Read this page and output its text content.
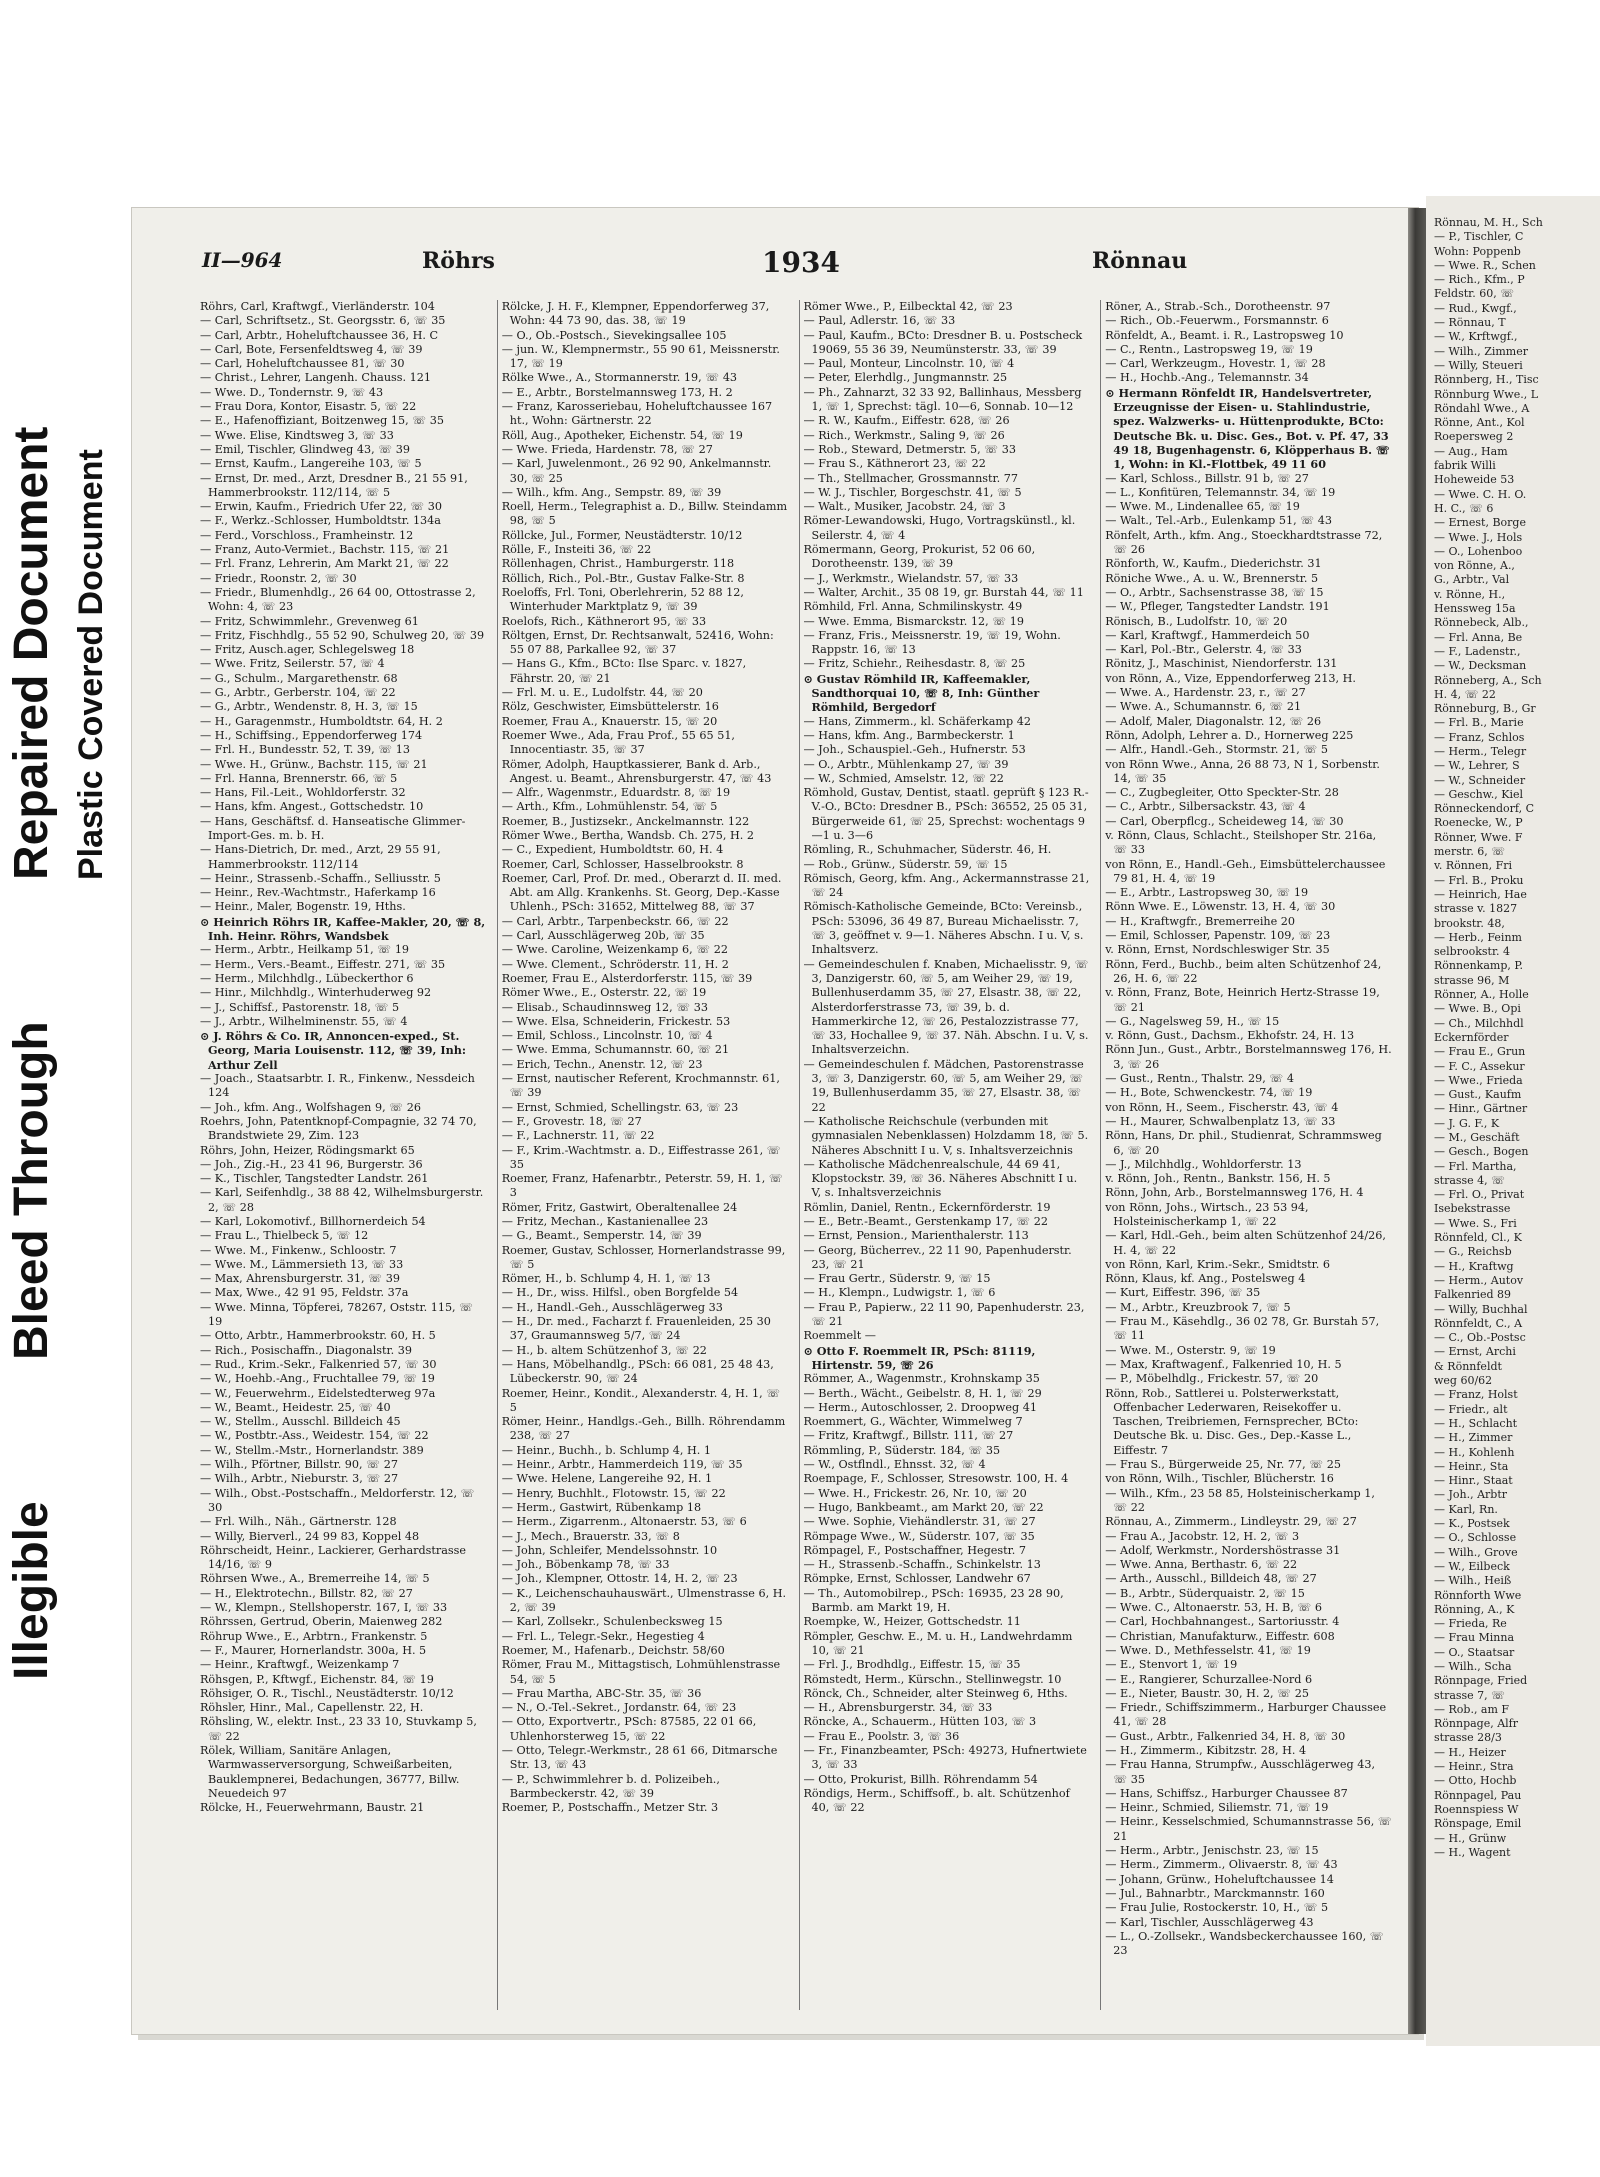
Repaired Document Plastic Covered Document
Bleed Through
Illegible
II—964	Röhrs	1934	Rönnau
Röhrs, Carl, Kraftwgf., Vierländerstr. 104
— Carl, Schriftsetz., St. Georgsstr. 6, ☏ 35
— Carl, Arbtr., Hoheluftchaussee 36, H. C
— Carl, Bote, Fersenfeldtsweg 4, ☏ 39
— Carl, Hoheluftchaussee 81, ☏ 30
— Christ., Lehrer, Langenh. Chauss. 121
— Wwe. D., Tondernstr. 9, ☏ 43
— Frau Dora, Kontor, Eisastr. 5, ☏ 22
— E., Hafenoffiziant, Boitzenweg 15, ☏ 35
— Wwe. Elise, Kindtsweg 3, ☏ 33
— Emil, Tischler, Glindweg 43, ☏ 39
— Ernst, Kaufm., Langereihe 103, ☏ 5
— Ernst, Dr. med., Arzt, Dresdner B., 21 55 91, Hammerbrookstr. 112/114, ☏ 5
— Erwin, Kaufm., Friedrich Ufer 22, ☏ 30
— F., Werkz.-Schlosser, Humboldtstr. 134a
— Ferd., Vorschloss., Framheinstr. 12
— Franz, Auto-Vermiet., Bachstr. 115, ☏ 21
— Frl. Franz, Lehrerin, Am Markt 21, ☏ 22
— Friedr., Roonstr. 2, ☏ 30
— Friedr., Blumenhdlg., 26 64 00, Ottostrasse 2, Wohn: 4, ☏ 23
— Fritz, Schwimmlehr., Grevenweg 61
— Fritz, Fischhdlg., 55 52 90, Schulweg 20, ☏ 39
— Fritz, Ausch.ager, Schlegelsweg 18
— Wwe. Fritz, Seilerstr. 57, ☏ 4
— G., Schulm., Margarethenstr. 68
— G., Arbtr., Gerberstr. 104, ☏ 22
— G., Arbtr., Wendenstr. 8, H. 3, ☏ 15
— H., Garagenmstr., Humboldtstr. 64, H. 2
— H., Schiffsing., Eppendorferweg 174
— Frl. H., Bundesstr. 52, T. 39, ☏ 13
— Wwe. H., Grünw., Bachstr. 115, ☏ 21
— Frl. Hanna, Brennerstr. 66, ☏ 5
— Hans, Fil.-Leit., Wohldorferstr. 32
— Hans, kfm. Angest., Gottschedstr. 10
— Hans, Geschäftsf. d. Hanseatische Glimmer-Import-Ges. m. b. H.
— Hans-Dietrich, Dr. med., Arzt, 29 55 91, Hammerbrookstr. 112/114
— Heinr., Strassenb.-Schaffn., Selliusstr. 5
— Heinr., Rev.-Wachtmstr., Haferkamp 16
— Heinr., Maler, Bogenstr. 19, Hths.
⊙ Heinrich Röhrs IR, Kaffee-Makler, 20, ☏ 8, Inh. Heinr. Röhrs, Wandsbek
— Herm., Arbtr., Heilkamp 51, ☏ 19
— Herm., Vers.-Beamt., Eiffestr. 271, ☏ 35
— Herm., Milchhdlg., Lübeckerthor 6
— Hinr., Milchhdlg., Winterhuderweg 92
— J., Schiffsf., Pastorenstr. 18, ☏ 5
— J., Arbtr., Wilhelminenstr. 55, ☏ 4
⊙ J. Röhrs & Co. IR, Annoncen-exped., St. Georg, Maria Louisenstr. 112, ☏ 39, Inh: Arthur Zell
— Joach., Staatsarbtr. I. R., Finkenw., Nessdeich 124
— Joh., kfm. Ang., Wolfshagen 9, ☏ 26
Roehrs, John, Patentknopf-Compagnie, 32 74 70, Brandstwiete 29, Zim. 123
Röhrs, John, Heizer, Rödingsmarkt 65
— Joh., Zig.-H., 23 41 96, Burgerstr. 36
— K., Tischler, Tangstedter Landstr. 261
— Karl, Seifenhdlg., 38 88 42, Wilhelmsburgerstr. 2, ☏ 28
— Karl, Lokomotivf., Billhornerdeich 54
— Frau L., Thielbeck 5, ☏ 12
— Wwe. M., Finkenw., Schloostr. 7
— Wwe. M., Lämmersieth 13, ☏ 33
— Max, Ahrensburgerstr. 31, ☏ 39
— Max, Wwe., 42 91 95, Feldstr. 37a
— Wwe. Minna, Töpferei, 78267, Oststr. 115, ☏ 19
— Otto, Arbtr., Hammerbrookstr. 60, H. 5
— Rich., Posischaffn., Diagonalstr. 39
— Rud., Krim.-Sekr., Falkenried 57, ☏ 30
— W., Hoehb.-Ang., Fruchtallee 79, ☏ 19
— W., Feuerwehrm., Eidelstedterweg 97a
— W., Beamt., Heidestr. 25, ☏ 40
— W., Stellm., Ausschl. Billdeich 45
— W., Postbtr.-Ass., Weidestr. 154, ☏ 22
— W., Stellm.-Mstr., Hornerlandstr. 389
— Wilh., Pförtner, Billstr. 90, ☏ 27
— Wilh., Arbtr., Nieburstr. 3, ☏ 27
— Wilh., Obst.-Postschaffn., Meldorferstr. 12, ☏ 30
— Frl. Wilh., Näh., Gärtnerstr. 128
— Willy, Bierverl., 24 99 83, Koppel 48
Röhrscheidt, Heinr., Lackierer, Gerhardstrasse 14/16, ☏ 9
Röhrsen Wwe., A., Bremerreihe 14, ☏ 5
— H., Elektrotechn., Billstr. 82, ☏ 27
— W., Klempn., Stellshoperstr. 167, I, ☏ 33
Röhrssen, Gertrud, Oberin, Maienweg 282
Röhrup Wwe., E., Arbtrn., Frankenstr. 5
— F., Maurer, Hornerlandstr. 300a, H. 5
— Heinr., Kraftwgf., Weizenkamp 7
Röhsgen, P., Kftwgf., Eichenstr. 84, ☏ 19
Röhsiger, O. R., Tischl., Neustädterstr. 10/12
Röhsler, Hinr., Mal., Capellenstr. 22, H.
Röhsling, W., elektr. Inst., 23 33 10, Stuvkamp 5, ☏ 22
Rölek, William, Sanitäre Anlagen, Warmwasserversorgung, Schweißarbeiten, Bauklempnerei, Bedachungen, 36777, Billw. Neuedeich 97
Rölcke, H., Feuerwehrmann, Baustr. 21
Rölcke, J. H. F., Klempner, Eppendorferweg 37, Wohn: 44 73 90, das. 38, ☏ 19
— O., Ob.-Postsch., Sievekingsallee 105
— jun. W., Klempnermstr., 55 90 61, Meissnerstr. 17, ☏ 19
Rölke Wwe., A., Stormannerstr. 19, ☏ 43
— E., Arbtr., Borstelmannsweg 173, H. 2
— Franz, Karosseriebau, Hoheluftchaussee 167 ht., Wohn: Gärtnerstr. 22
Röll, Aug., Apotheker, Eichenstr. 54, ☏ 19
— Wwe. Frieda, Hardenstr. 78, ☏ 27
— Karl, Juwelenmont., 26 92 90, Ankelmannstr. 30, ☏ 25
— Wilh., kfm. Ang., Sempstr. 89, ☏ 39
Roell, Herm., Telegraphist a. D., Billw. Steindamm 98, ☏ 5
Röllcke, Jul., Former, Neustädterstr. 10/12
Rölle, F., Insteiti 36, ☏ 22
Röllenhagen, Christ., Hamburgerstr. 118
Röllich, Rich., Pol.-Btr., Gustav Falke-Str. 8
Roeloffs, Frl. Toni, Oberlehrerin, 52 88 12, Winterhuder Marktplatz 9, ☏ 39
Roelofs, Rich., Käthnerort 95, ☏ 33
Röltgen, Ernst, Dr. Rechtsanwalt, 52416, Wohn: 55 07 88, Parkallee 92, ☏ 37
— Hans G., Kfm., BCto: Ilse Sparc. v. 1827, Fährstr. 20, ☏ 21
— Frl. M. u. E., Ludolfstr. 44, ☏ 20
Rölz, Geschwister, Eimsbüttelerstr. 16
Roemer, Frau A., Knauerstr. 15, ☏ 20
Roemer Wwe., Ada, Frau Prof., 55 65 51, Innocentiastr. 35, ☏ 37
Römer, Adolph, Hauptkassierer, Bank d. Arb., Angest. u. Beamt., Ahrensburgerstr. 47, ☏ 43
— Alfr., Wagenmstr., Eduardstr. 8, ☏ 19
— Arth., Kfm., Lohmühlenstr. 54, ☏ 5
Roemer, B., Justizsekr., Anckelmannstr. 122
Römer Wwe., Bertha, Wandsb. Ch. 275, H. 2
— C., Expedient, Humboldtstr. 60, H. 4
Roemer, Carl, Schlosser, Hasselbrookstr. 8
Roemer, Carl, Prof. Dr. med., Oberarzt d. II. med. Abt. am Allg. Krankenhs. St. Georg, Dep.-Kasse Uhlenh., PSch: 31652, Mittelweg 88, ☏ 37
— Carl, Arbtr., Tarpenbeckstr. 66, ☏ 22
— Carl, Ausschlägerweg 20b, ☏ 35
— Wwe. Caroline, Weizenkamp 6, ☏ 22
— Wwe. Clement., Schröderstr. 11, H. 2
Roemer, Frau E., Alsterdorferstr. 115, ☏ 39
Römer Wwe., E., Osterstr. 22, ☏ 19
— Elisab., Schaudinnsweg 12, ☏ 33
— Wwe. Elsa, Schneiderin, Frickestr. 53
— Emil, Schloss., Lincolnstr. 10, ☏ 4
— Wwe. Emma, Schumannstr. 60, ☏ 21
— Erich, Techn., Anenstr. 12, ☏ 23
— Ernst, nautischer Referent, Krochmannstr. 61, ☏ 39
— Ernst, Schmied, Schellingstr. 63, ☏ 23
— F., Grovestr. 18, ☏ 27
— F., Lachnerstr. 11, ☏ 22
— F., Krim.-Wachtmstr. a. D., Eiffestrasse 261, ☏ 35
Roemer, Franz, Hafenarbtr., Peterstr. 59, H. 1, ☏ 3
Römer, Fritz, Gastwirt, Oberaltenallee 24
— Fritz, Mechan., Kastanienallee 23
— G., Beamt., Semperstr. 14, ☏ 39
Roemer, Gustav, Schlosser, Hornerlandstrasse 99, ☏ 5
Römer, H., b. Schlump 4, H. 1, ☏ 13
— H., Dr., wiss. Hilfsl., oben Borgfelde 54
— H., Handl.-Geh., Ausschlägerweg 33
— H., Dr. med., Facharzt f. Frauenleiden, 25 30 37, Graumannsweg 5/7, ☏ 24
— H., b. altem Schützenhof 3, ☏ 22
— Hans, Möbelhandlg., PSch: 66 081, 25 48 43, Lübeckerstr. 90, ☏ 24
Roemer, Heinr., Kondit., Alexanderstr. 4, H. 1, ☏ 5
Römer, Heinr., Handlgs.-Geh., Billh. Röhrendamm 238, ☏ 27
— Heinr., Buchh., b. Schlump 4, H. 1
— Heinr., Arbtr., Hammerdeich 119, ☏ 35
— Wwe. Helene, Langereihe 92, H. 1
— Henry, Buchhlt., Flotowstr. 15, ☏ 22
— Herm., Gastwirt, Rübenkamp 18
— Herm., Zigarrenm., Altonaerstr. 53, ☏ 6
— J., Mech., Brauerstr. 33, ☏ 8
— John, Schleifer, Mendelssohnstr. 10
— Joh., Böbenkamp 78, ☏ 33
— Joh., Klempner, Ottostr. 14, H. 2, ☏ 23
— K., Leichenschauhauswärt., Ulmenstrasse 6, H. 2, ☏ 39
— Karl, Zollsekr., Schulenbecksweg 15
— Frl. L., Telegr.-Sekr., Hegestieg 4
Roemer, M., Hafenarb., Deichstr. 58/60
Römer, Frau M., Mittagstisch, Lohmühlenstrasse 54, ☏ 5
— Frau Martha, ABC-Str. 35, ☏ 36
— N., O.-Tel.-Sekret., Jordanstr. 64, ☏ 23
— Otto, Exportvertr., PSch: 87585, 22 01 66, Uhlenhorsterweg 15, ☏ 22
— Otto, Telegr.-Werkmstr., 28 61 66, Ditmarsche Str. 13, ☏ 43
— P., Schwimmlehrer b. d. Polizeibeh., Barmbeckerstr. 42, ☏ 39
Roemer, P., Postschaffn., Metzer Str. 3
Römer Wwe., P., Eilbecktal 42, ☏ 23
— Paul, Adlerstr. 16, ☏ 33
— Paul, Kaufm., BCto: Dresdner B. u. Postscheck 19069, 55 36 39, Neumünsterstr. 33, ☏ 39
— Paul, Monteur, Lincolnstr. 10, ☏ 4
— Peter, Elerhdlg., Jungmannstr. 25
— Ph., Zahnarzt, 32 33 92, Ballinhaus, Messberg 1, ☏ 1, Sprechst: tägl. 10—6, Sonnab. 10—12
— R. W., Kaufm., Eiffestr. 628, ☏ 26
— Rich., Werkmstr., Saling 9, ☏ 26
— Rob., Steward, Detmerstr. 5, ☏ 33
— Frau S., Käthnerort 23, ☏ 22
— Th., Stellmacher, Grossmannstr. 77
— W. J., Tischler, Borgeschstr. 41, ☏ 5
— Walt., Musiker, Jacobstr. 24, ☏ 3
Römer-Lewandowski, Hugo, Vortragskünstl., kl. Seilerstr. 4, ☏ 4
Römermann, Georg, Prokurist, 52 06 60, Dorotheenstr. 139, ☏ 39
— J., Werkmstr., Wielandstr. 57, ☏ 33
— Walter, Archit., 35 08 19, gr. Burstah 44, ☏ 11
Römhild, Frl. Anna, Schmilinskystr. 49
— Wwe. Emma, Bismarckstr. 12, ☏ 19
— Franz, Fris., Meissnerstr. 19, ☏ 19, Wohn. Rappstr. 16, ☏ 13
— Fritz, Schiehr., Reihesdastr. 8, ☏ 25
⊙ Gustav Römhild IR, Kaffeemakler, Sandthorquai 10, ☏ 8, Inh: Günther Römhild, Bergedorf
— Hans, Zimmerm., kl. Schäferkamp 42
— Hans, kfm. Ang., Barmbeckerstr. 1
— Joh., Schauspiel.-Geh., Hufnerstr. 53
— O., Arbtr., Mühlenkamp 27, ☏ 39
— W., Schmied, Amselstr. 12, ☏ 22
Römhold, Gustav, Dentist, staatl. geprüft § 123 R.-V.-O., BCto: Dresdner B., PSch: 36552, 25 05 31, Bürgerweide 61, ☏ 25, Sprechst: wochentags 9—1 u. 3—6
Römling, R., Schuhmacher, Süderstr. 46, H.
— Rob., Grünw., Süderstr. 59, ☏ 15
Römisch, Georg, kfm. Ang., Ackermannstrasse 21, ☏ 24
Römisch-Katholische Gemeinde, BCto: Vereinsb., PSch: 53096, 36 49 87, Bureau Michaelisstr. 7, ☏ 3, geöffnet v. 9—1. Näheres Abschn. I u. V, s. Inhaltsverz.
— Gemeindeschulen f. Knaben, Michaelisstr. 9, ☏ 3, Danzigerstr. 60, ☏ 5, am Weiher 29, ☏ 19, Bullenhuserdamm 35, ☏ 27, Elsastr. 38, ☏ 22, Alsterdorferstrasse 73, ☏ 39, b. d. Hammerkirche 12, ☏ 26, Pestalozzistrasse 77, ☏ 33, Hochallee 9, ☏ 37. Näh. Abschn. I u. V, s. Inhaltsverzeichn.
— Gemeindeschulen f. Mädchen, Pastorenstrasse 3, ☏ 3, Danzigerstr. 60, ☏ 5, am Weiher 29, ☏ 19, Bullenhuserdamm 35, ☏ 27, Elsastr. 38, ☏ 22
— Katholische Reichschule (verbunden mit gymnasialen Nebenklassen) Holzdamm 18, ☏ 5. Näheres Abschnitt I u. V, s. Inhaltsverzeichnis
— Katholische Mädchenrealschule, 44 69 41, Klopstockstr. 39, ☏ 36. Näheres Abschnitt I u. V, s. Inhaltsverzeichnis
Römlin, Daniel, Rentn., Eckernförderstr. 19
— E., Betr.-Beamt., Gerstenkamp 17, ☏ 22
— Ernst, Pension., Marienthalerstr. 113
— Georg, Bücherrev., 22 11 90, Papenhuderstr. 23, ☏ 21
— Frau Gertr., Süderstr. 9, ☏ 15
— H., Klempn., Ludwigstr. 1, ☏ 6
— Frau P., Papierw., 22 11 90, Papenhuderstr. 23, ☏ 21
Roemmelt —
⊙ Otto F. Roemmelt IR, PSch: 81119, Hirtenstr. 59, ☏ 26
Römmer, A., Wagenmstr., Krohnskamp 35
— Berth., Wächt., Geibelstr. 8, H. 1, ☏ 29
— Herm., Autoschlosser, 2. Droopweg 41
Roemmert, G., Wächter, Wimmelweg 7
— Fritz, Kraftwgf., Billstr. 111, ☏ 27
Römmling, P., Süderstr. 184, ☏ 35
— W., Ostflndl., Ehnsst. 32, ☏ 4
Roempage, F., Schlosser, Stresowstr. 100, H. 4
— Wwe. H., Frickestr. 26, Nr. 10, ☏ 20
— Hugo, Bankbeamt., am Markt 20, ☏ 22
— Wwe. Sophie, Viehändlerstr. 31, ☏ 27
Römpage Wwe., W., Süderstr. 107, ☏ 35
Römpagel, F., Postschaffner, Hegestr. 7
— H., Strassenb.-Schaffn., Schinkelstr. 13
Römpke, Ernst, Schlosser, Landwehr 67
— Th., Automobilrep., PSch: 16935, 23 28 90, Barmb. am Markt 19, H.
Roempke, W., Heizer, Gottschedstr. 11
Römpler, Geschw. E., M. u. H., Landwehrdamm 10, ☏ 21
— Frl. J., Brodhdlg., Eiffestr. 15, ☏ 35
Römstedt, Herm., Kürschn., Stellinwegstr. 10
Rönck, Ch., Schneider, alter Steinweg 6, Hths.
— H., Abrensburgerstr. 34, ☏ 33
Röncke, A., Schauerm., Hütten 103, ☏ 3
— Frau E., Poolstr. 3, ☏ 36
— Fr., Finanzbeamter, PSch: 49273, Hufnertwiete 3, ☏ 33
— Otto, Prokurist, Billh. Röhrendamm 54
Röndigs, Herm., Schiffsoff., b. alt. Schützenhof 40, ☏ 22
Röner, A., Strab.-Sch., Dorotheenstr. 97
— Rich., Ob.-Feuerwm., Forsmannstr. 6
Rönfeldt, A., Beamt. i. R., Lastropsweg 10
— C., Rentn., Lastropsweg 19, ☏ 19
— Carl, Werkzeugm., Hovestr. 1, ☏ 28
— H., Hochb.-Ang., Telemannstr. 34
⊙ Hermann Rönfeldt IR, Handelsvertreter, Erzeugnisse der Eisen- u. Stahlindustrie, spez. Walzwerks- u. Hüttenprodukte, BCto: Deutsche Bk. u. Disc. Ges., Bot. v. Pf. 47, 33 49 18, Bugenhagenstr. 6, Klöpperhaus B. ☏ 1, Wohn: in Kl.-Flottbek, 49 11 60
— Karl, Schloss., Billstr. 91 b, ☏ 27
— L., Konfitüren, Telemannstr. 34, ☏ 19
— Wwe. M., Lindenallee 65, ☏ 19
— Walt., Tel.-Arb., Eulenkamp 51, ☏ 43
Rönfelt, Arth., kfm. Ang., Stoeckhardtstrasse 72, ☏ 26
Rönforth, W., Kaufm., Diederichstr. 31
Röniche Wwe., A. u. W., Brennerstr. 5
— O., Arbtr., Sachsenstrasse 38, ☏ 15
— W., Pfleger, Tangstedter Landstr. 191
Rönisch, B., Ludolfstr. 10, ☏ 20
— Karl, Kraftwgf., Hammerdeich 50
— Karl, Pol.-Btr., Gelerstr. 4, ☏ 33
Rönitz, J., Maschinist, Niendorferstr. 131
von Rönn, A., Vize, Eppendorferweg 213, H.
— Wwe. A., Hardenstr. 23, r., ☏ 27
— Wwe. A., Schumannstr. 6, ☏ 21
— Adolf, Maler, Diagonalstr. 12, ☏ 26
Rönn, Adolph, Lehrer a. D., Hornerweg 225
— Alfr., Handl.-Geh., Stormstr. 21, ☏ 5
von Rönn Wwe., Anna, 26 88 73, N 1, Sorbenstr. 14, ☏ 35
— C., Zugbegleiter, Otto Speckter-Str. 28
— C., Arbtr., Silbersackstr. 43, ☏ 4
— Carl, Oberpflcg., Scheideweg 14, ☏ 30
v. Rönn, Claus, Schlacht., Steilshoper Str. 216a, ☏ 33
von Rönn, E., Handl.-Geh., Eimsbüttelerchaussee 79 81, H. 4, ☏ 19
— E., Arbtr., Lastropsweg 30, ☏ 19
Rönn Wwe. E., Löwenstr. 13, H. 4, ☏ 30
— H., Kraftwgfr., Bremerreihe 20
— Emil, Schlosser, Papenstr. 109, ☏ 23
v. Rönn, Ernst, Nordschleswiger Str. 35
Rönn, Ferd., Buchb., beim alten Schützenhof 24, 26, H. 6, ☏ 22
v. Rönn, Franz, Bote, Heinrich Hertz-Strasse 19, ☏ 21
— G., Nagelsweg 59, H., ☏ 15
v. Rönn, Gust., Dachsm., Ekhofstr. 24, H. 13
Rönn Jun., Gust., Arbtr., Borstelmannsweg 176, H. 3, ☏ 26
— Gust., Rentn., Thalstr. 29, ☏ 4
— H., Bote, Schwenckestr. 74, ☏ 19
von Rönn, H., Seem., Fischerstr. 43, ☏ 4
— H., Maurer, Schwalbenplatz 13, ☏ 33
Rönn, Hans, Dr. phil., Studienrat, Schrammsweg 6, ☏ 20
— J., Milchhdlg., Wohldorferstr. 13
v. Rönn, Joh., Rentn., Bankstr. 156, H. 5
Rönn, John, Arb., Borstelmannsweg 176, H. 4
von Rönn, Johs., Wirtsch., 23 53 94, Holsteinischerkamp 1, ☏ 22
— Karl, Hdl.-Geh., beim alten Schützenhof 24/26, H. 4, ☏ 22
von Rönn, Karl, Krim.-Sekr., Smidtstr. 6
Rönn, Klaus, kf. Ang., Postelsweg 4
— Kurt, Eiffestr. 396, ☏ 35
— M., Arbtr., Kreuzbrook 7, ☏ 5
— Frau M., Käsehdlg., 36 02 78, Gr. Burstah 57, ☏ 11
— Wwe. M., Osterstr. 9, ☏ 19
— Max, Kraftwagenf., Falkenried 10, H. 5
— P., Möbelhdlg., Frickestr. 57, ☏ 20
Rönn, Rob., Sattlerei u. Polsterwerkstatt, Offenbacher Lederwaren, Reisekoffer u. Taschen, Treibriemen, Fernsprecher, BCto: Deutsche Bk. u. Disc. Ges., Dep.-Kasse L., Eiffestr. 7
— Frau S., Bürgerweide 25, Nr. 77, ☏ 25
von Rönn, Wilh., Tischler, Blücherstr. 16
— Wilh., Kfm., 23 58 85, Holsteinischerkamp 1, ☏ 22
Rönnau, A., Zimmerm., Lindleystr. 29, ☏ 27
— Frau A., Jacobstr. 12, H. 2, ☏ 3
— Adolf, Werkmstr., Nordershöstrasse 31
— Wwe. Anna, Berthastr. 6, ☏ 22
— Arth., Ausschl., Billdeich 48, ☏ 27
— B., Arbtr., Süderquaistr. 2, ☏ 15
— Wwe. C., Altonaerstr. 53, H. B, ☏ 6
— Carl, Hochbahnangest., Sartoriusstr. 4
— Christian, Manufakturw., Eiffestr. 608
— Wwe. D., Methfesselstr. 41, ☏ 19
— E., Stenvort 1, ☏ 19
— E., Rangierer, Schurzallee-Nord 6
— E., Nieter, Baustr. 30, H. 2, ☏ 25
— Friedr., Schiffszimmerm., Harburger Chaussee 41, ☏ 28
— Gust., Arbtr., Falkenried 34, H. 8, ☏ 30
— H., Zimmerm., Kibitzstr. 28, H. 4
— Frau Hanna, Strumpfw., Ausschlägerweg 43, ☏ 35
— Hans, Schiffsz., Harburger Chaussee 87
— Heinr., Schmied, Siliemstr. 71, ☏ 19
— Heinr., Kesselschmied, Schumannstrasse 56, ☏ 21
— Herm., Arbtr., Jenischstr. 23, ☏ 15
— Herm., Zimmerm., Olivaerstr. 8, ☏ 43
— Johann, Grünw., Hoheluftchaussee 14
— Jul., Bahnarbtr., Marckmannstr. 160
— Frau Julie, Rostockerstr. 10, H., ☏ 5
— Karl, Tischler, Ausschlägerweg 43
— L., O.-Zollsekr., Wandsbeckerchaussee 160, ☏ 23
Rönnau, M. H., Sch
— P., Tischler, C
Wohn: Poppenb
— Wwe. R., Schen
— Rich., Kfm., P
Feldstr. 60, ☏
— Rud., Kwgf.,
— Rönnau, T
— W., Krftwgf.,
— Wilh., Zimmer
— Willy, Steueri
Rönnberg, H., Tisc
Rönnburg Wwe., L
Röndahl Wwe., A
Rönne, Ant., Kol
Roepersweg 2
— Aug., Ham
fabrik Willi
Hoheweide 53
— Wwe. C. H. O.
H. C., ☏ 6
— Ernest, Borge
— Wwe. J., Hols
— O., Lohenboo
von Rönne, A.,
G., Arbtr., Val
v. Rönne, H.,
Henssweg 15a
Rönnebeck, Alb.,
— Frl. Anna, Be
— F., Ladenstr.,
— W., Decksman
Rönneberg, A., Sch
H. 4, ☏ 22
Rönneburg, B., Gr
— Frl. B., Marie
— Franz, Schlos
— Herm., Telegr
— W., Lehrer, S
— W., Schneider
— Geschw., Kiel
Rönneckendorf, C
Roenecke, W., P
Rönner, Wwe. F
merstr. 6, ☏
v. Rönnen, Fri
— Frl. B., Proku
— Heinrich, Hae
strasse v. 1827
brookstr. 48,
— Herb., Feinm
selbrookstr. 4
Rönnenkamp, P.
strasse 96, M
Rönner, A., Holle
— Wwe. B., Opi
— Ch., Milchhdl
Eckernförder
— Frau E., Grun
— F. C., Assekur
— Wwe., Frieda
— Gust., Kaufm
— Hinr., Gärtner
— J. G. F., K
— M., Geschäft
— Gesch., Bogen
— Frl. Martha,
strasse 4, ☏
— Frl. O., Privat
Isebekstrasse
— Wwe. S., Fri
Rönnfeld, Cl., K
— G., Reichsb
— H., Kraftwg
— Herm., Autov
Falkenried 89
— Willy, Buchhal
Rönnfeldt, C., A
— C., Ob.-Postsc
— Ernst, Archi
& Rönnfeldt
weg 60/62
— Franz, Holst
— Friedr., alt
— H., Schlacht
— H., Zimmer
— H., Kohlenh
— Heinr., Sta
— Hinr., Staat
— Joh., Arbtr
— Karl, Rn.
— K., Postsek
— O., Schlosse
— Wilh., Grove
— W., Eilbeck
— Wilh., Heiß
Rönnforth Wwe
Rönning, A., K
— Frieda, Re
— Frau Minna
— O., Staatsar
— Wilh., Scha
Rönnpage, Fried
strasse 7, ☏
— Rob., am F
Rönnpage, Alfr
strasse 28/3
— H., Heizer
— Heinr., Stra
— Otto, Hochb
Rönnpagel, Pau
Roennspiess W
Rönspage, Emil
— H., Grünw
— H., Wagent
